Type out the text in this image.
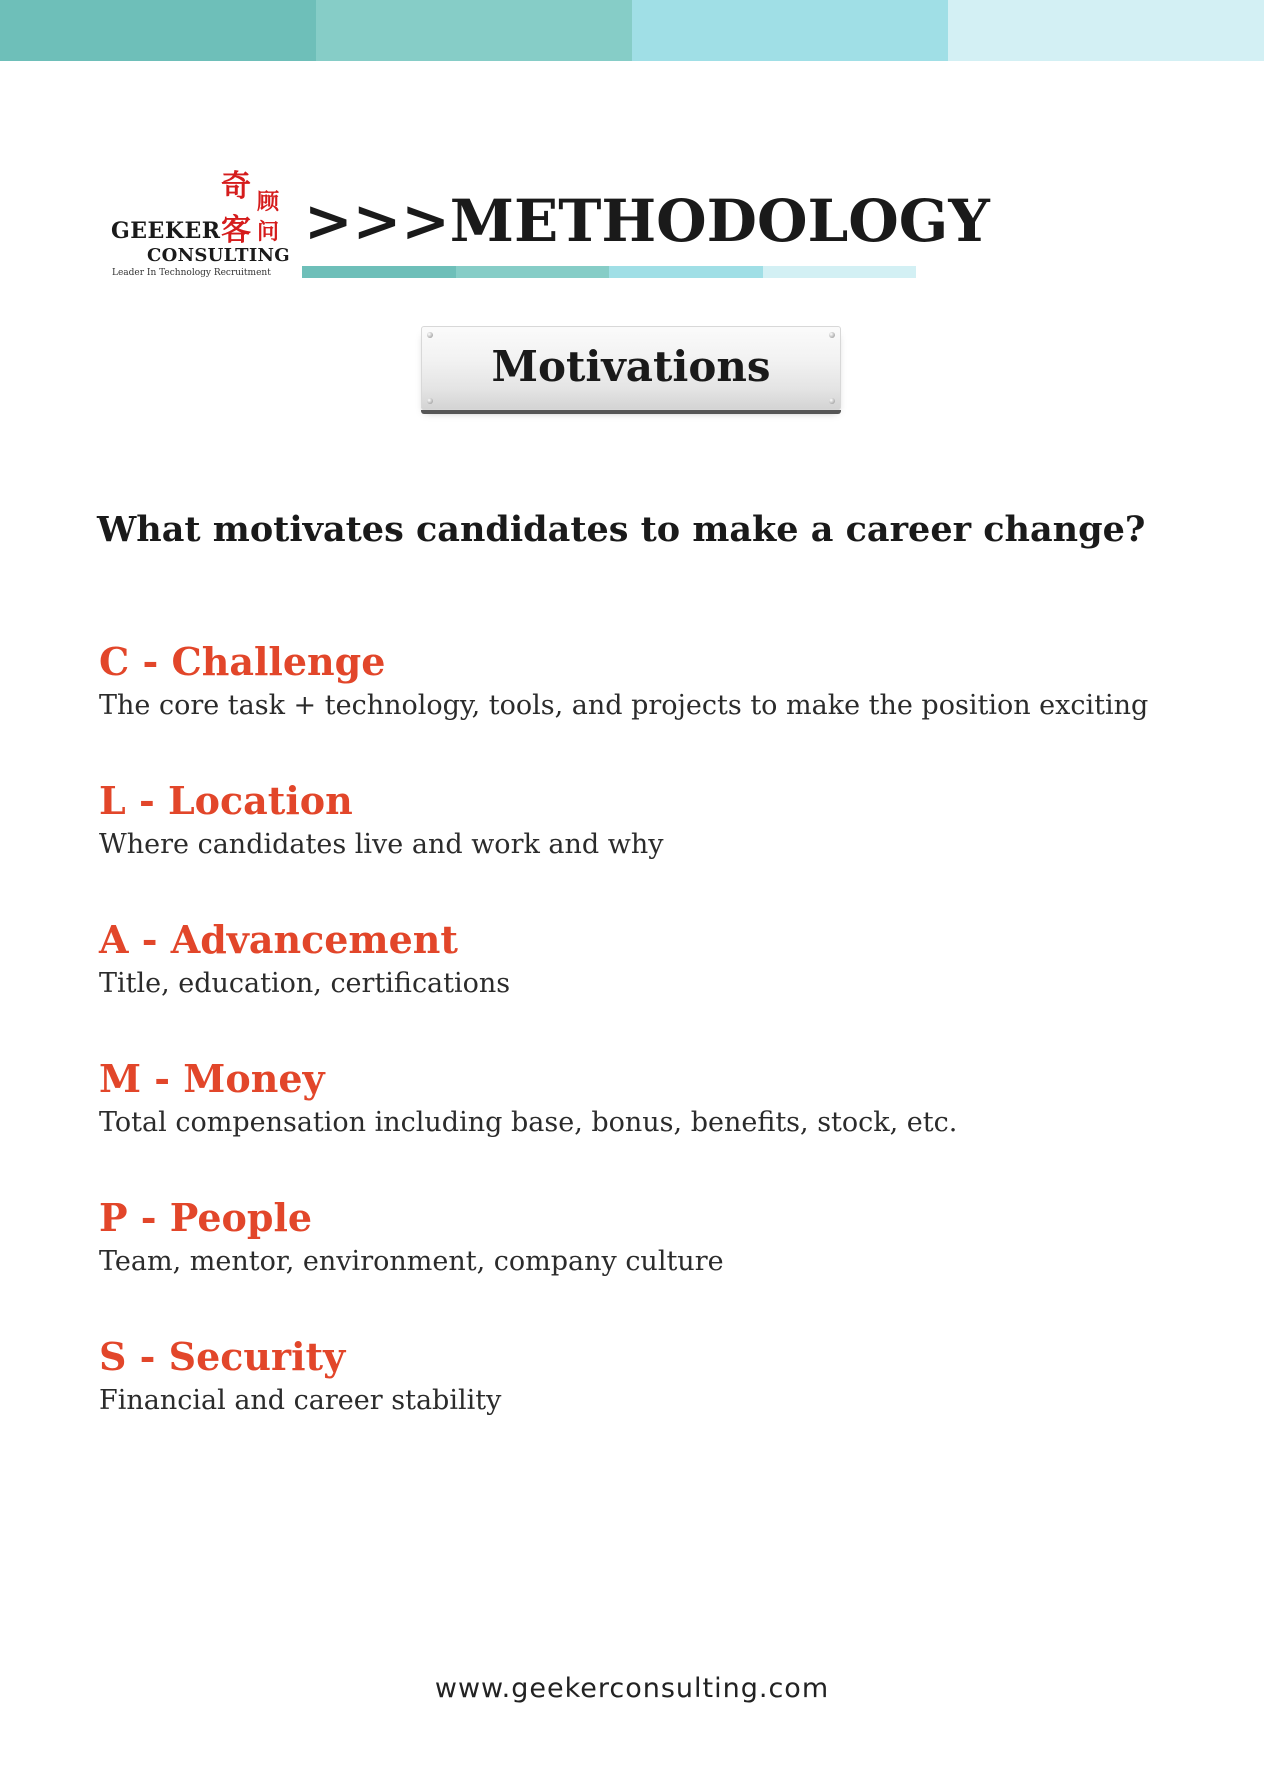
奇
客
顾
问
GEEKER
CONSULTING
Leader In Technology Recruitment
>>>METHODOLOGY
Motivations
What motivates candidates to make a career change?
C - Challenge
The core task + technology, tools, and projects to make the position exciting
L - Location
Where candidates live and work and why
A - Advancement
Title, education, certifications
M - Money
Total compensation including base, bonus, benefits, stock, etc.
P - People
Team, mentor, environment, company culture
S - Security
Financial and career stability
www.geekerconsulting.com
